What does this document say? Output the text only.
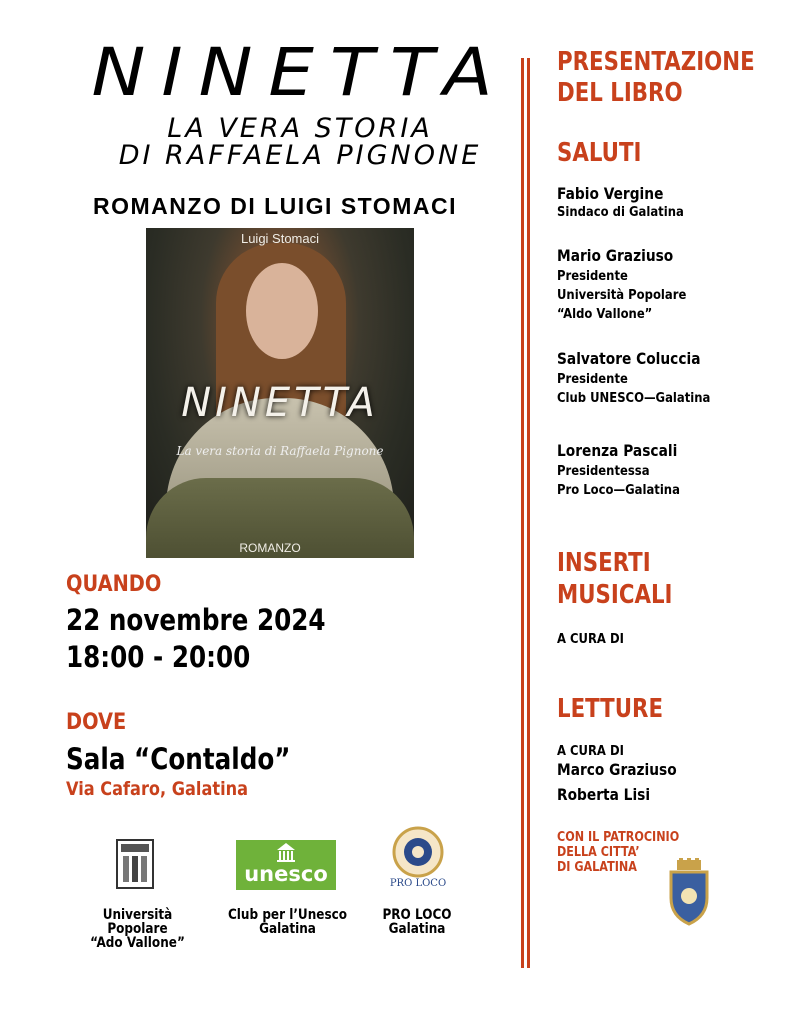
NINETTA
LA VERA STORIA
DI RAFFAELA PIGNONE
ROMANZO DI LUIGI STOMACI
Luigi Stomaci
NINETTA
La vera storia di Raffaela Pignone
ROMANZO
QUANDO
22 novembre 2024
18:00 - 20:00
DOVE
Sala “Contaldo”
Via Cafaro, Galatina
Università Popolare
“Ado Vallone”
unesco
Club per l’Unesco
Galatina
PRO LOCO
PRO LOCO
Galatina
PRESENTAZIONE
DEL LIBRO
SALUTI
Fabio Vergine
Sindaco di Galatina
Mario Graziuso
Presidente
Università Popolare
“Aldo Vallone”
Salvatore Coluccia
Presidente
Club UNESCO—Galatina
Lorenza Pascali
Presidentessa
Pro Loco—Galatina
INSERTI
MUSICALI
A CURA DI
LETTURE
A CURA DI
Marco Graziuso
Roberta Lisi
CON IL PATROCINIO
DELLA CITTA’
DI GALATINA
